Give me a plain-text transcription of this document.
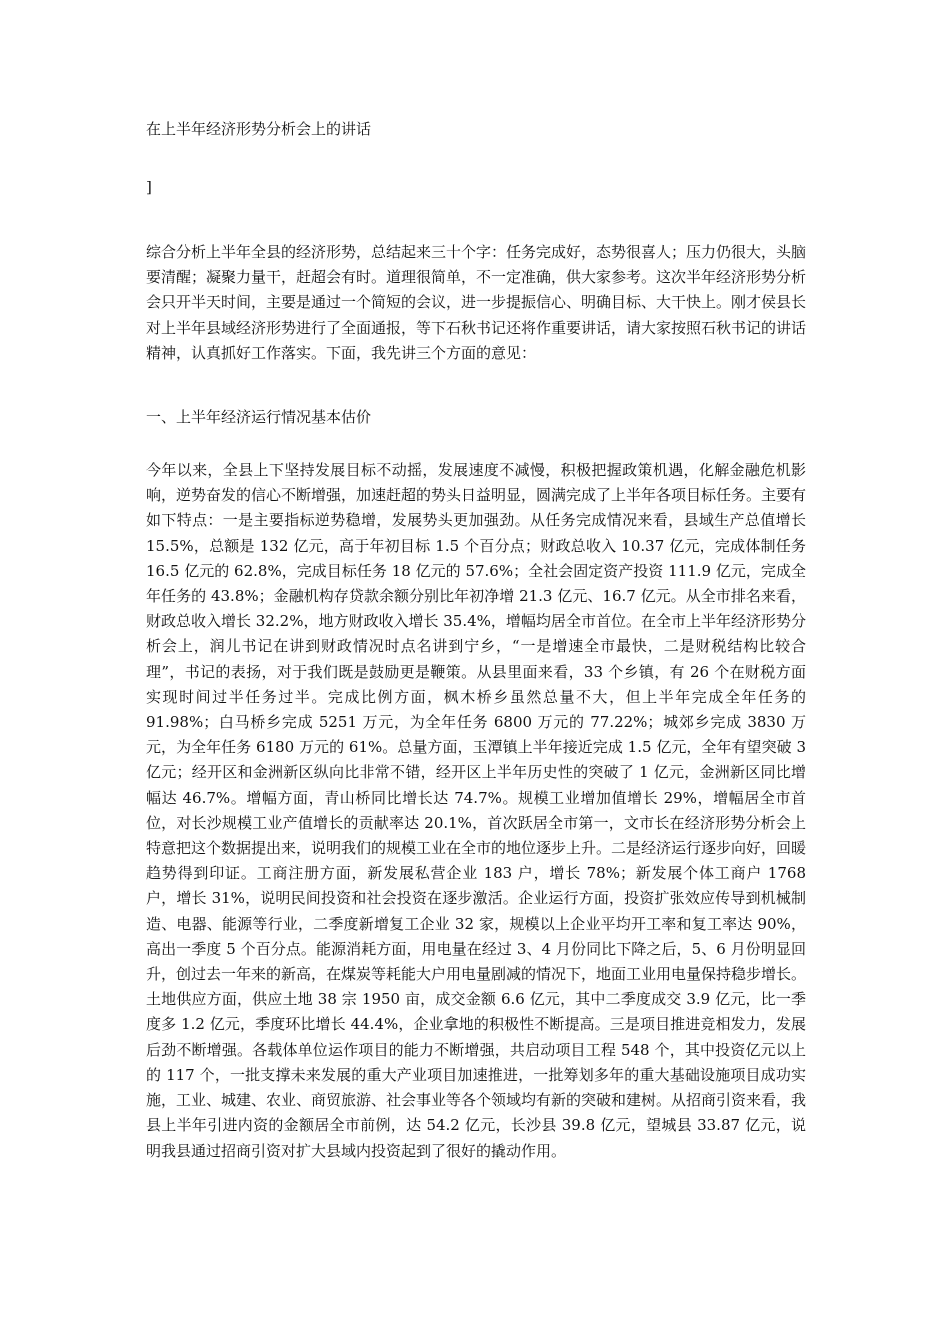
在上半年经济形势分析会上的讲话

]

综合分析上半年全县的经济形势，总结起来三十个字：任务完成好，态势很喜人；压力仍很大，头脑要清醒；凝聚力量干，赶超会有时。道理很简单，不一定准确，供大家参考。这次半年经济形势分析会只开半天时间，主要是通过一个简短的会议，进一步提振信心、明确目标、大干快上。刚才侯县长对上半年县域经济形势进行了全面通报，等下石秋书记还将作重要讲话，请大家按照石秋书记的讲话精神，认真抓好工作落实。下面，我先讲三个方面的意见：

一、上半年经济运行情况基本估价

今年以来，全县上下坚持发展目标不动摇，发展速度不减慢，积极把握政策机遇，化解金融危机影响，逆势奋发的信心不断增强，加速赶超的势头日益明显，圆满完成了上半年各项目标任务。主要有如下特点：一是主要指标逆势稳增，发展势头更加强劲。从任务完成情况来看，县域生产总值增长 15.5%，总额是 132 亿元，高于年初目标 1.5 个百分点；财政总收入 10.37 亿元，完成体制任务 16.5 亿元的 62.8%，完成目标任务 18 亿元的 57.6%；全社会固定资产投资 111.9 亿元，完成全年任务的 43.8%；金融机构存贷款余额分别比年初净增 21.3 亿元、16.7 亿元。从全市排名来看，财政总收入增长 32.2%，地方财政收入增长 35.4%，增幅均居全市首位。在全市上半年经济形势分析会上，润儿书记在讲到财政情况时点名讲到宁乡，“一是增速全市最快，二是财税结构比较合理”，书记的表扬，对于我们既是鼓励更是鞭策。从县里面来看，33 个乡镇，有 26 个在财税方面实现时间过半任务过半。完成比例方面，枫木桥乡虽然总量不大，但上半年完成全年任务的 91.98%；白马桥乡完成 5251 万元，为全年任务 6800 万元的 77.22%；城郊乡完成 3830 万元，为全年任务 6180 万元的 61%。总量方面，玉潭镇上半年接近完成 1.5 亿元，全年有望突破 3 亿元；经开区和金洲新区纵向比非常不错，经开区上半年历史性的突破了 1 亿元，金洲新区同比增幅达 46.7%。增幅方面，青山桥同比增长达 74.7%。规模工业增加值增长 29%，增幅居全市首位，对长沙规模工业产值增长的贡献率达 20.1%，首次跃居全市第一，文市长在经济形势分析会上特意把这个数据提出来，说明我们的规模工业在全市的地位逐步上升。二是经济运行逐步向好，回暖趋势得到印证。工商注册方面，新发展私营企业 183 户，增长 78%；新发展个体工商户 1768 户，增长 31%，说明民间投资和社会投资在逐步激活。企业运行方面，投资扩张效应传导到机械制造、电器、能源等行业，二季度新增复工企业 32 家，规模以上企业平均开工率和复工率达 90%，高出一季度 5 个百分点。能源消耗方面，用电量在经过 3、4 月份同比下降之后，5、6 月份明显回升，创过去一年来的新高，在煤炭等耗能大户用电量剧减的情况下，地面工业用电量保持稳步增长。土地供应方面，供应土地 38 宗 1950 亩，成交金额 6.6 亿元，其中二季度成交 3.9 亿元，比一季度多 1.2 亿元，季度环比增长 44.4%，企业拿地的积极性不断提高。三是项目推进竞相发力，发展后劲不断增强。各载体单位运作项目的能力不断增强，共启动项目工程 548 个，其中投资亿元以上的 117 个，一批支撑未来发展的重大产业项目加速推进，一批筹划多年的重大基础设施项目成功实施，工业、城建、农业、商贸旅游、社会事业等各个领域均有新的突破和建树。从招商引资来看，我县上半年引进内资的金额居全市前例，达 54.2 亿元，长沙县 39.8 亿元，望城县 33.87 亿元，说明我县通过招商引资对扩大县域内投资起到了很好的撬动作用。
